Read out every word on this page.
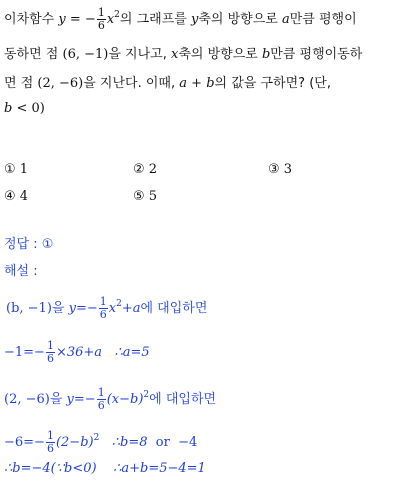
이차함수 y = − $\frac{1}{6} x^2$의 그래프를 y축의 방향으로 a만큼 평행이
동하면 점 (6, −1)을 지나고, x축의 방향으로 b만큼 평행이동하
면 점 (2, −6)을 지난다. 이때, a + b의 값을 구하면? (단,
b < 0)
① 1	② 2	③ 3
④ 4	⑤ 5
정답 : ①
해설 :
(b, −1)을 $y=- \frac{1}{6} x^2+a$에 대입하면
$-1=- \frac{1}{6} \times 36+a$ ∴a=5
(2, −6)을 $y=- \frac{1}{6} (x-b)^2$에 대입하면
$-6=- \frac{1}{6} (2-b)^2$ ∴b=8 or −4
∴b=−4(∵b<0) ∴a+b=5−4=1
